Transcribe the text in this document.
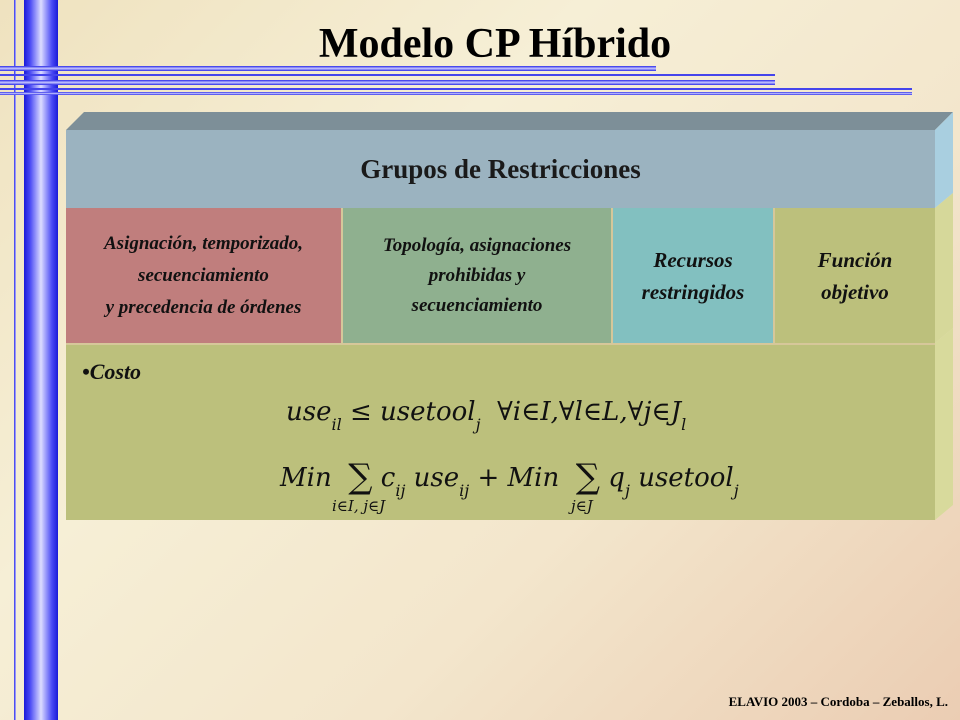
Modelo CP Híbrido
Grupos de Restricciones
Asignación, temporizado,
secuenciamiento
y precedencia de órdenes
Topología, asignaciones
prohibidas y
secuenciamiento
Recursos
restringidos
Función
objetivo
•Costo
use$_{il}$ ≤ usetool$_j$  $\forall i\in I,\forall l\in L,\forall j\in J_l$
Min  ∑ $c_{ij}$ use$_{ij}$ + Min  ∑ $q_j$ usetool$_j$
i∈I, j∈J	j∈J
ELAVIO 2003 – Cordoba – Zeballos, L.
